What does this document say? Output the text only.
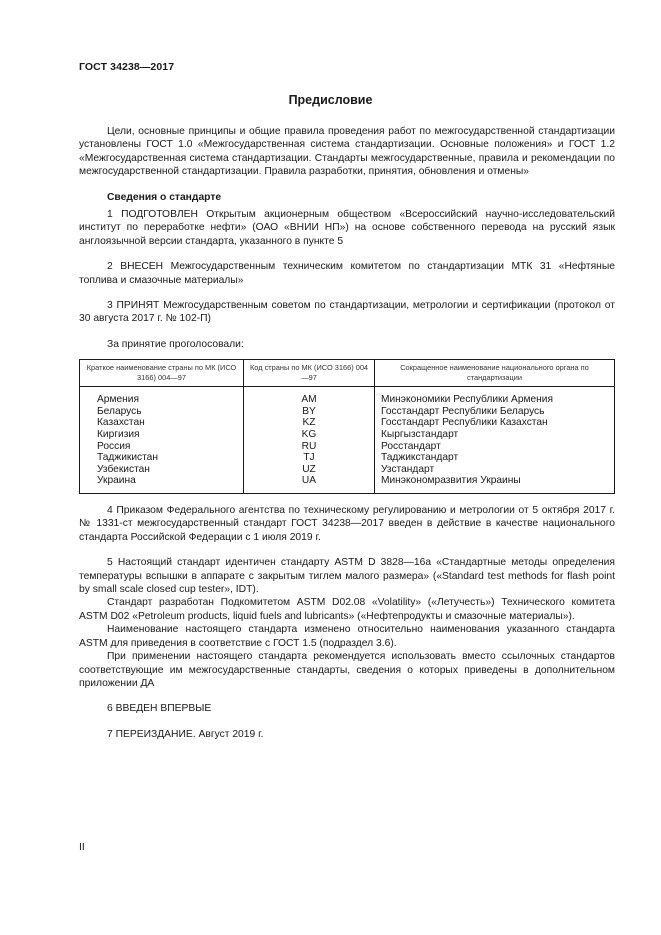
ГОСТ 34238—2017
Предисловие

Цели, основные принципы и общие правила проведения работ по межгосударственной стандартизации установлены ГОСТ 1.0 «Межгосударственная система стандартизации. Основные положения» и ГОСТ 1.2 «Межгосударственная система стандартизации. Стандарты межгосударственные, правила и рекомендации по межгосударственной стандартизации. Правила разработки, принятия, обновления и отмены»

Сведения о стандарте

1 ПОДГОТОВЛЕН Открытым акционерным обществом «Всероссийский научно-исследовательский институт по переработке нефти» (ОАО «ВНИИ НП») на основе собственного перевода на русский язык англоязычной версии стандарта, указанного в пункте 5

2 ВНЕСЕН Межгосударственным техническим комитетом по стандартизации МТК 31 «Нефтяные топлива и смазочные материалы»

3 ПРИНЯТ Межгосударственным советом по стандартизации, метрологии и сертификации (протокол от 30 августа 2017 г. № 102-П)

За принятие проголосовали:

Краткое наименование страны по МК (ИСО 3166) 004—97	Код страны по МК (ИСО 3166) 004—97	Сокращенное наименование национального органа по стандартизации
Армения	AM	Минэкономики Республики Армения
Беларусь	BY	Госстандарт Республики Беларусь
Казахстан	KZ	Госстандарт Республики Казахстан
Киргизия	KG	Кыргызстандарт
Россия	RU	Росстандарт
Таджикистан	TJ	Таджикстандарт
Узбекистан	UZ	Узстандарт
Украина	UA	Минэкономразвития Украины

4 Приказом Федерального агентства по техническому регулированию и метрологии от 5 октября 2017 г. № 1331-ст межгосударственный стандарт ГОСТ 34238—2017 введен в действие в качестве национального стандарта Российской Федерации с 1 июля 2019 г.

5 Настоящий стандарт идентичен стандарту ASTM D 3828—16a «Стандартные методы определения температуры вспышки в аппарате с закрытым тиглем малого размера» («Standard test methods for flash point by small scale closed cup tester», IDT).

Стандарт разработан Подкомитетом ASTM D02.08 «Volatility» («Летучесть») Технического комитета ASTM D02 «Petroleum products, liquid fuels and lubricants» («Нефтепродукты и смазочные материалы»).

Наименование настоящего стандарта изменено относительно наименования указанного стандарта ASTM для приведения в соответствие с ГОСТ 1.5 (подраздел 3.6).

При применении настоящего стандарта рекомендуется использовать вместо ссылочных стандартов соответствующие им межгосударственные стандарты, сведения о которых приведены в дополнительном приложении ДА

6 ВВЕДЕН ВПЕРВЫЕ

7 ПЕРЕИЗДАНИЕ. Август 2019 г.

II
